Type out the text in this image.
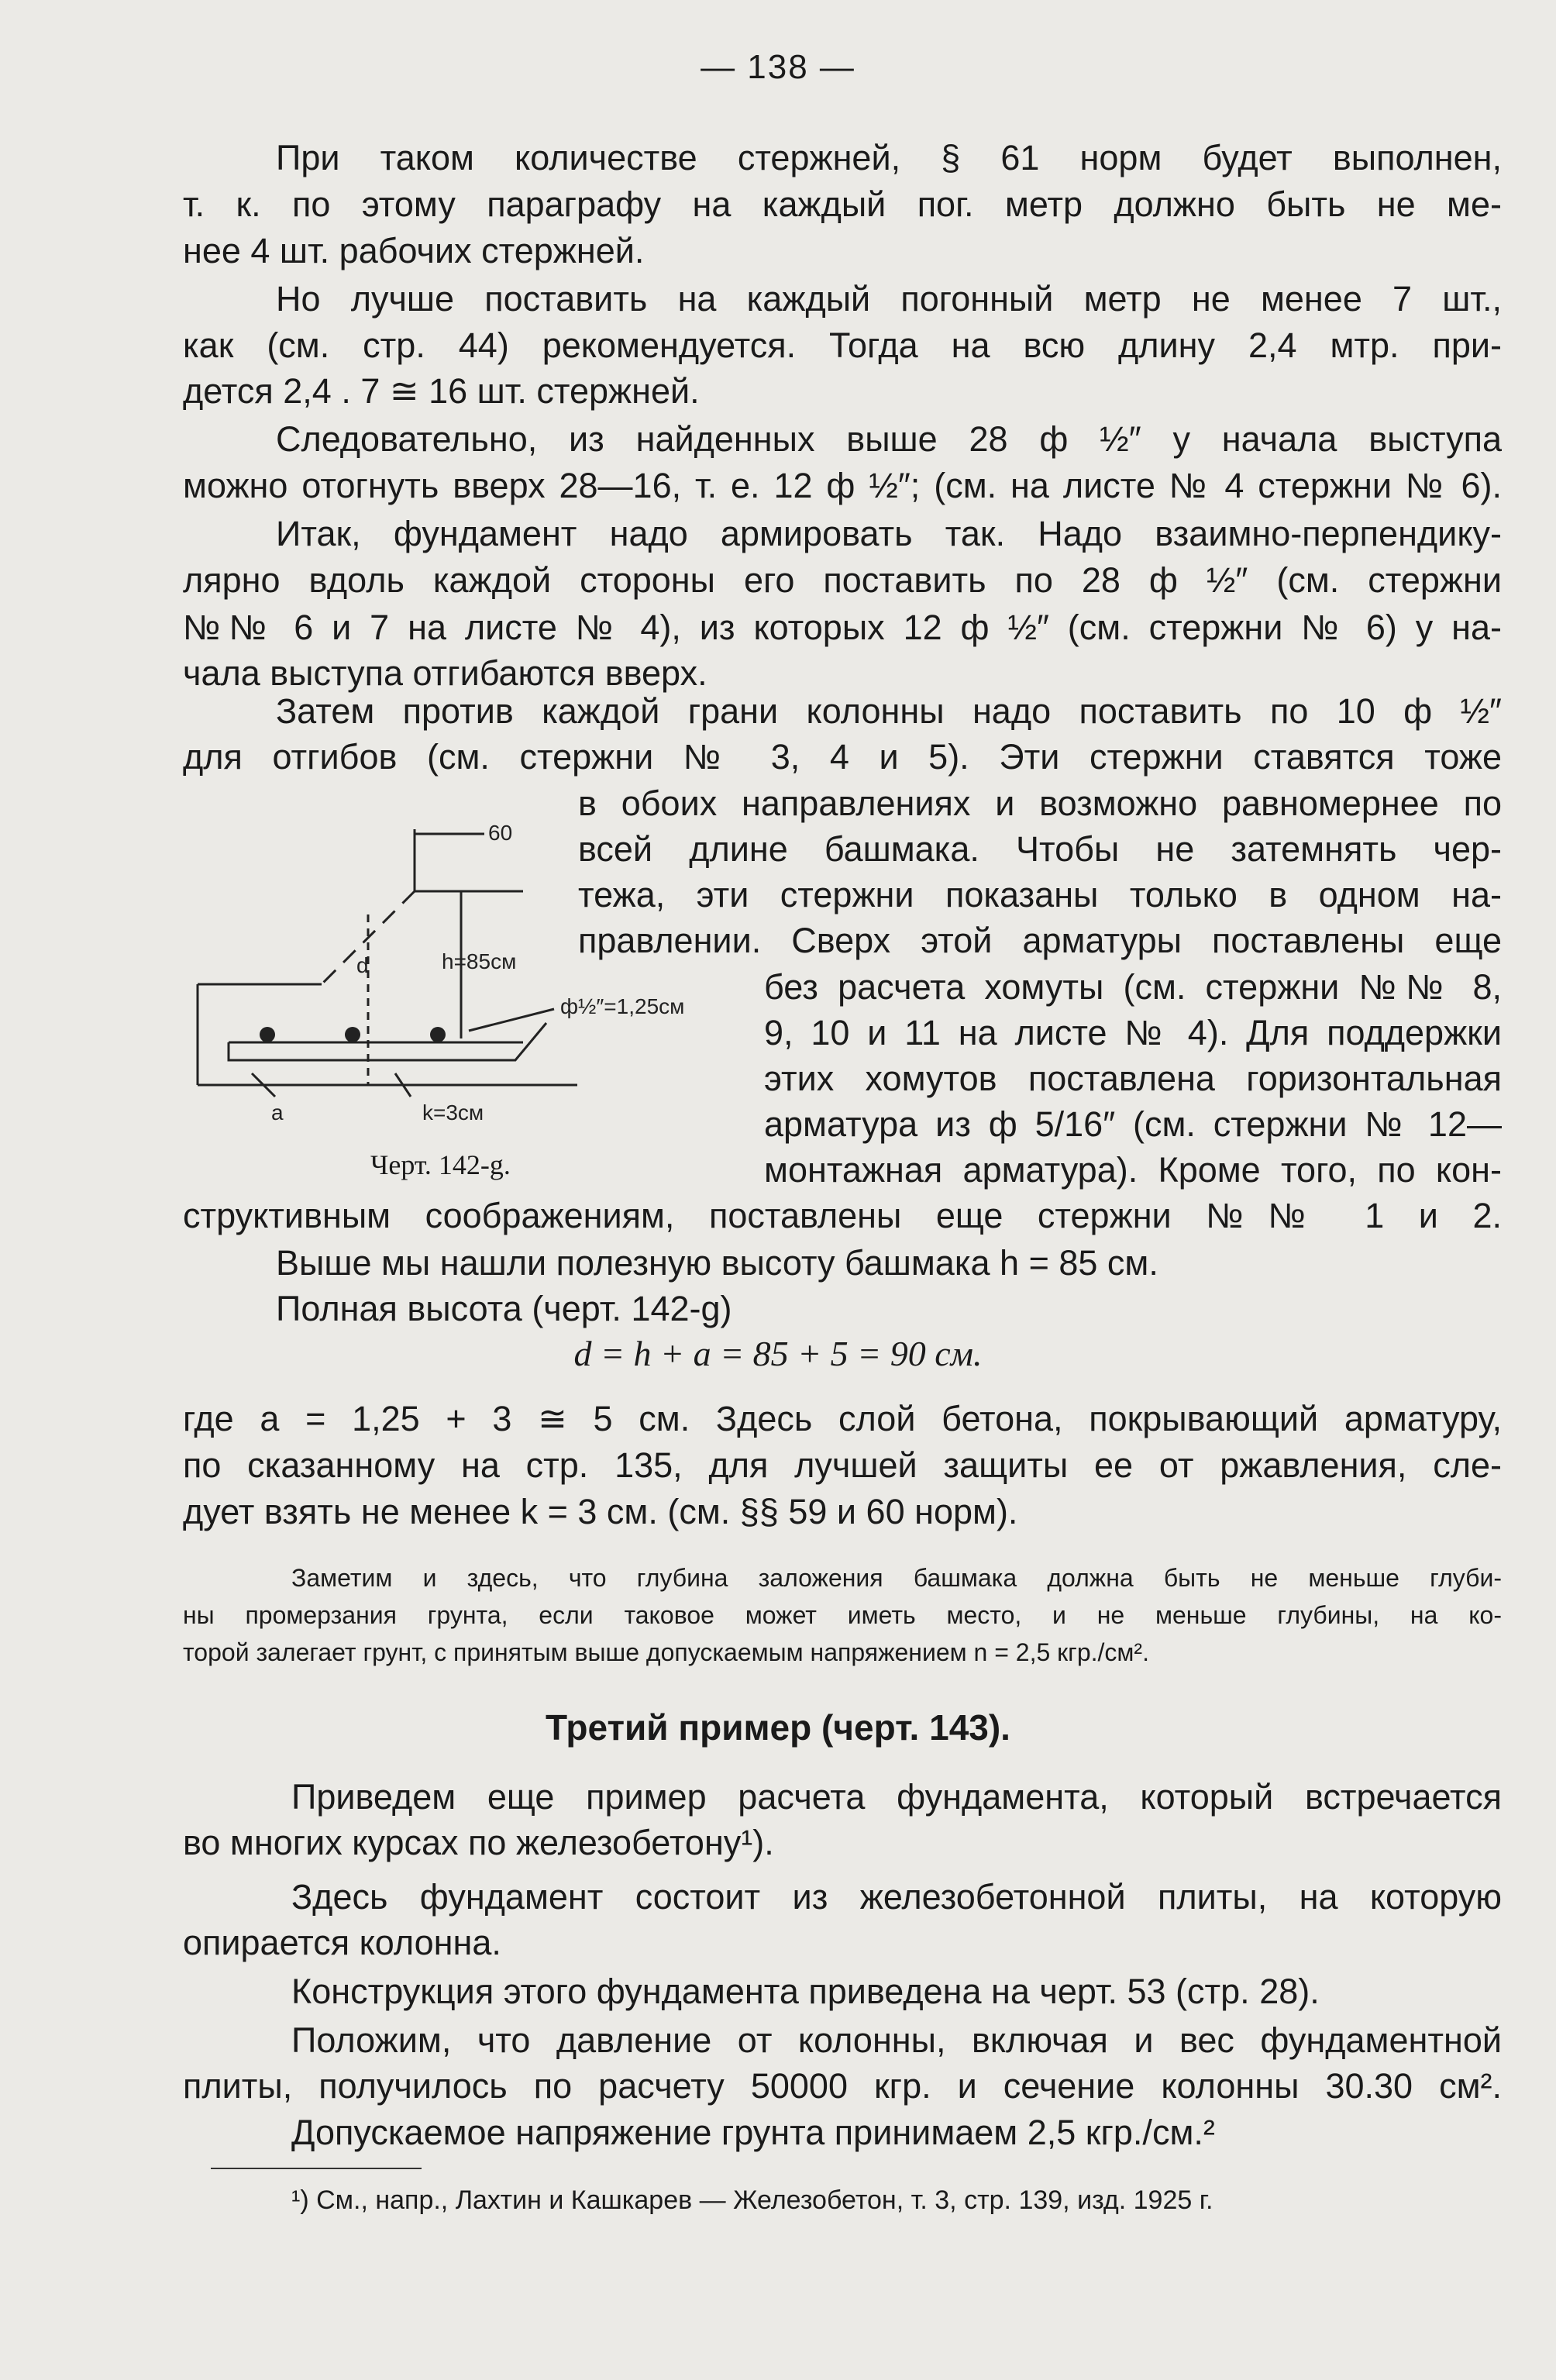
— 138 —
При таком количестве стержней, § 61 норм будет выполнен,
т. к. по этому параграфу на каждый пог. метр должно быть не ме-
нее 4 шт. рабочих стержней.
Но лучше поставить на каждый погонный метр не менее 7 шт.,
как (см. стр. 44) рекомендуется. Тогда на всю длину 2,4 мтр. при-
дется 2,4 . 7 ≅ 16 шт. стержней.
Следовательно, из найденных выше 28 ф ½″ у начала выступа
можно отогнуть вверх 28—16, т. е. 12 ф ½″; (см. на листе № 4 стержни № 6).
Итак, фундамент надо армировать так. Надо взаимно-перпендику-
лярно вдоль каждой стороны его поставить по 28 ф ½″ (см. стержни
№№ 6 и 7 на листе № 4), из которых 12 ф ½″ (см. стержни № 6) у на-
чала выступа отгибаются вверх.
Затем против каждой грани колонны надо поставить по 10 ф ½″
для отгибов (см. стержни № 3, 4 и 5). Эти стержни ставятся тоже
в обоих направлениях и возможно равномернее по
всей длине башмака. Чтобы не затемнять чер-
тежа, эти стержни показаны только в одном на-
правлении. Сверх этой арматуры поставлены еще
без расчета хомуты (см. стержни №№ 8,
9, 10 и 11 на листе № 4). Для поддержки
этих хомутов поставлена горизонтальная
арматура из ф 5/16″ (см. стержни № 12—
монтажная арматура). Кроме того, по кон-
структивным соображениям, поставлены еще стержни №№ 1 и 2.
Выше мы нашли полезную высоту башмака h = 85 см.
Полная высота (черт. 142-g)
d = h + a = 85 + 5 = 90 см.
где a = 1,25 + 3 ≅ 5 см. Здесь слой бетона, покрывающий арматуру,
по сказанному на стр. 135, для лучшей защиты ее от ржавления, сле-
дует взять не менее k = 3 см. (см. §§ 59 и 60 норм).
Заметим и здесь, что глубина заложения башмака должна быть не меньше глуби-
ны промерзания грунта, если таковое может иметь место, и не меньше глубины, на ко-
торой залегает грунт, с принятым выше допускаемым напряжением n = 2,5 кгр./см².
Третий пример (черт. 143).
Приведем еще пример расчета фундамента, который встречается
во многих курсах по железобетону¹).
Здесь фундамент состоит из железобетонной плиты, на которую
опирается колонна.
Конструкция этого фундамента приведена на черт. 53 (стр. 28).
Положим, что давление от колонны, включая и вес фундаментной
плиты, получилось по расчету 50000 кгр. и сечение колонны 30.30 см².
Допускаемое напряжение грунта принимаем 2,5 кгр./см.²
¹) См., напр., Лахтин и Кашкарев — Железобетон, т. 3, стр. 139, изд. 1925 г.
60
d	h=85см
ф½″=1,25см
a	k=3см
Черт. 142-g.
